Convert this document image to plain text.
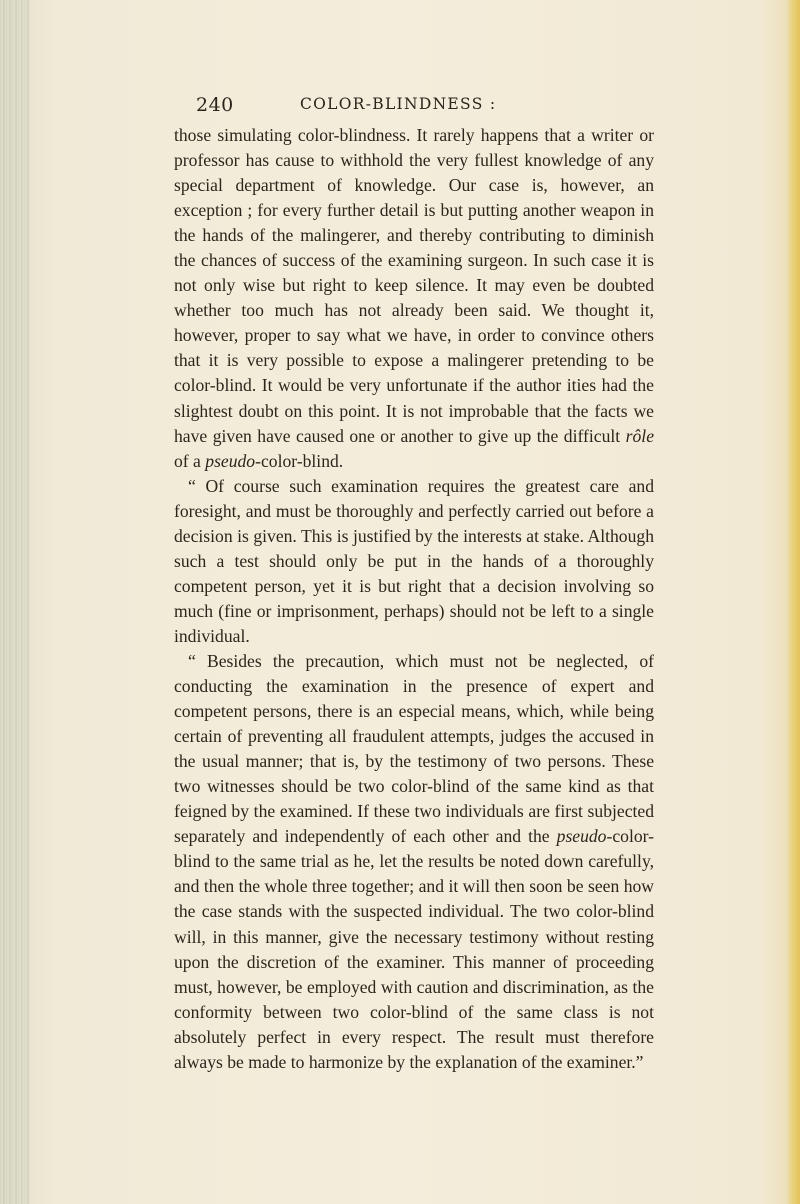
240	COLOR-BLINDNESS :

those simulating color-blindness. It rarely happens that a writer or professor has cause to withhold the very fullest knowledge of any special department of knowledge. Our case is, however, an exception ; for every further detail is but putting another weapon in the hands of the malingerer, and thereby contributing to diminish the chances of success of the examining surgeon. In such case it is not only wise but right to keep silence. It may even be doubted whether too much has not already been said. We thought it, however, proper to say what we have, in order to convince others that it is very possible to expose a malingerer pretending to be color-blind. It would be very unfortunate if the author ities had the slightest doubt on this point. It is not improbable that the facts we have given have caused one or another to give up the difficult rôle of a pseudo-color-blind.

“ Of course such examination requires the greatest care and foresight, and must be thoroughly and perfectly carried out before a decision is given. This is justified by the interests at stake. Although such a test should only be put in the hands of a thoroughly competent person, yet it is but right that a decision involving so much (fine or imprisonment, perhaps) should not be left to a single individual.

“ Besides the precaution, which must not be neglected, of conducting the examination in the presence of expert and competent persons, there is an especial means, which, while being certain of preventing all fraudulent attempts, judges the accused in the usual manner; that is, by the testimony of two persons. These two witnesses should be two color-blind of the same kind as that feigned by the examined. If these two individuals are first subjected separately and independently of each other and the pseudo-color-blind to the same trial as he, let the results be noted down carefully, and then the whole three together; and it will then soon be seen how the case stands with the suspected individual. The two color-blind will, in this manner, give the necessary testimony without resting upon the discretion of the examiner. This manner of proceeding must, however, be employed with caution and discrimination, as the conformity between two color-blind of the same class is not absolutely perfect in every respect. The result must therefore always be made to harmonize by the explanation of the examiner.”
